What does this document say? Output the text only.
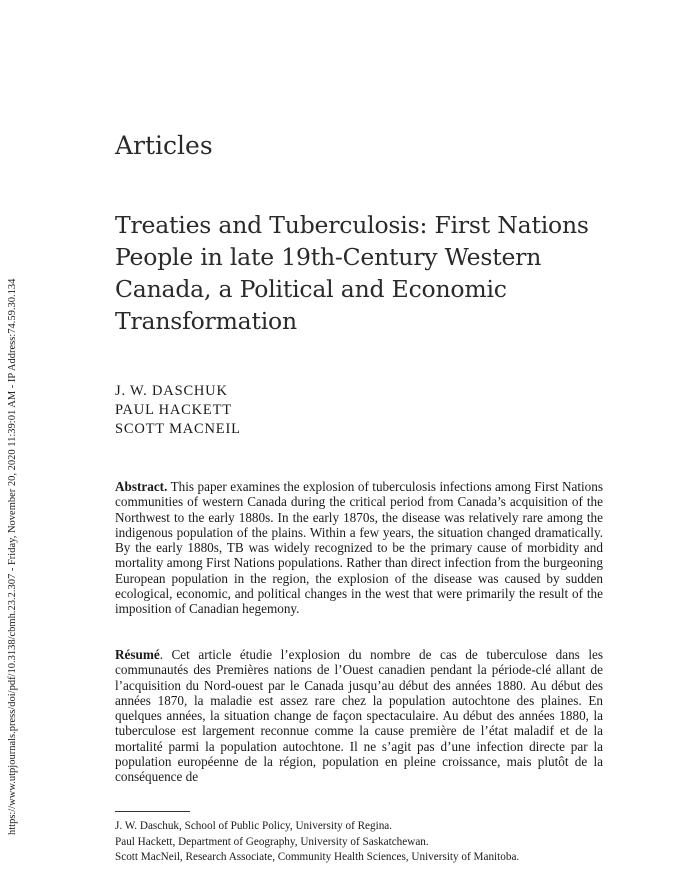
https://www.utpjournals.press/doi/pdf/10.3138/cbmh.23.2.307 - Friday, November 20, 2020 11:39:01 AM - IP Address:74.59.30.134
Articles
Treaties and Tuberculosis: First Nations People in late 19th-Century Western Canada, a Political and Economic Transformation
J. W. DASCHUK
PAUL HACKETT
SCOTT MACNEIL

Abstract. This paper examines the explosion of tuberculosis infections among First Nations communities of western Canada during the critical period from Canada’s acquisition of the Northwest to the early 1880s. In the early 1870s, the disease was relatively rare among the indigenous population of the plains. Within a few years, the situation changed dramatically. By the early 1880s, TB was widely recognized to be the primary cause of morbidity and mortality among First Nations populations. Rather than direct infection from the burgeoning European population in the region, the explosion of the disease was caused by sudden ecological, economic, and political changes in the west that were primarily the result of the imposition of Canadian hegemony.

Résumé. Cet article étudie l’explosion du nombre de cas de tuberculose dans les communautés des Premières nations de l’Ouest canadien pendant la période-clé allant de l’acquisition du Nord-ouest par le Canada jusqu’au début des années 1880. Au début des années 1870, la maladie est assez rare chez la population autochtone des plaines. En quelques années, la situation change de façon spectaculaire. Au début des années 1880, la tuberculose est largement reconnue comme la cause première de l’état maladif et de la mortalité parmi la population autochtone. Il ne s’agit pas d’une infection directe par la population européenne de la région, population en pleine croissance, mais plutôt de la conséquence de

J. W. Daschuk, School of Public Policy, University of Regina.
Paul Hackett, Department of Geography, University of Saskatchewan.
Scott MacNeil, Research Associate, Community Health Sciences, University of Manitoba.
